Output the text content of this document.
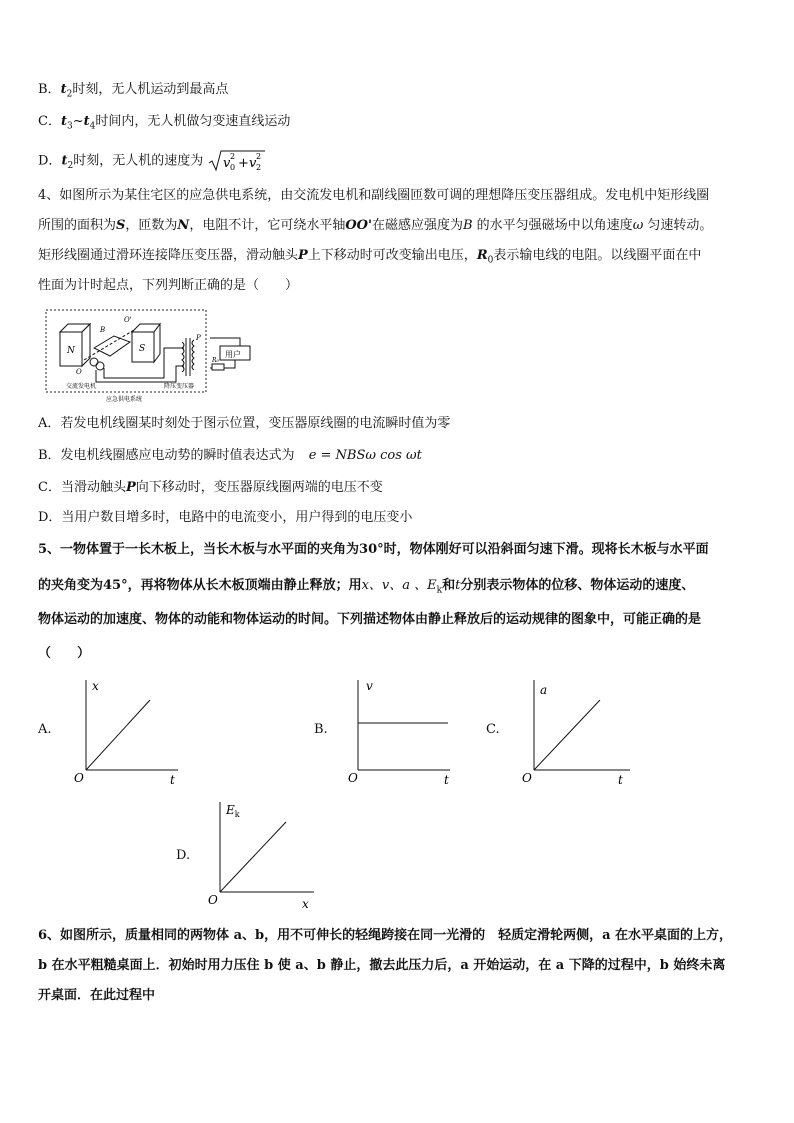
B．$t_2$时刻，无人机运动到最高点
C．$t_3\sim t_4$时间内，无人机做匀变速直线运动
D．$t_2$时刻，无人机的速度为 v 0
2 + v 2
2
4、如图所示为某住宅区的应急供电系统，由交流发电机和副线圈匝数可调的理想降压变压器组成。发电机中矩形线圈
所围的面积为S，匝数为N，电阻不计，它可绕水平轴OO'在磁感应强度为B 的水平匀强磁场中以角速度ω 匀速转动。
矩形线圈通过滑环连接降压变压器，滑动触头P上下移动时可改变输出电压，$R_0$表示输电线的电阻。以线圈平面在中
性面为计时起点，下列判断正确的是（　　）
N	S
B
O'
O
P
交流发电机	降压变压器
应急供电系统
用户
R₀
A．若发电机线圈某时刻处于图示位置，变压器原线圈的电流瞬时值为零
B．发电机线圈感应电动势的瞬时值表达式为 e = NBSω cos ωt
C．当滑动触头P向下移动时，变压器原线圈两端的电压不变
D．当用户数目增多时，电路中的电流变小，用户得到的电压变小
5、一物体置于一长木板上，当长木板与水平面的夹角为30°时，物体刚好可以沿斜面匀速下滑。现将长木板与水平面
的夹角变为45°，再将物体从长木板顶端由静止释放；用x、v、a 、$E_k$和t分别表示物体的位移、物体运动的速度、
物体运动的加速度、物体的动能和物体运动的时间。下列描述物体由静止释放后的运动规律的图象中，可能正确的是
（　　）
A.
x
t
O
B.
v
t
O
C.
a
t
O
D.
$E_k$
x
O
6、如图所示，质量相同的两物体 a、b，用不可伸长的轻绳跨接在同一光滑的　轻质定滑轮两侧，a 在水平桌面的上方，
b 在水平粗糙桌面上．初始时用力压住 b 使 a、b 静止，撤去此压力后，a 开始运动，在 a 下降的过程中，b 始终未离
开桌面．在此过程中
